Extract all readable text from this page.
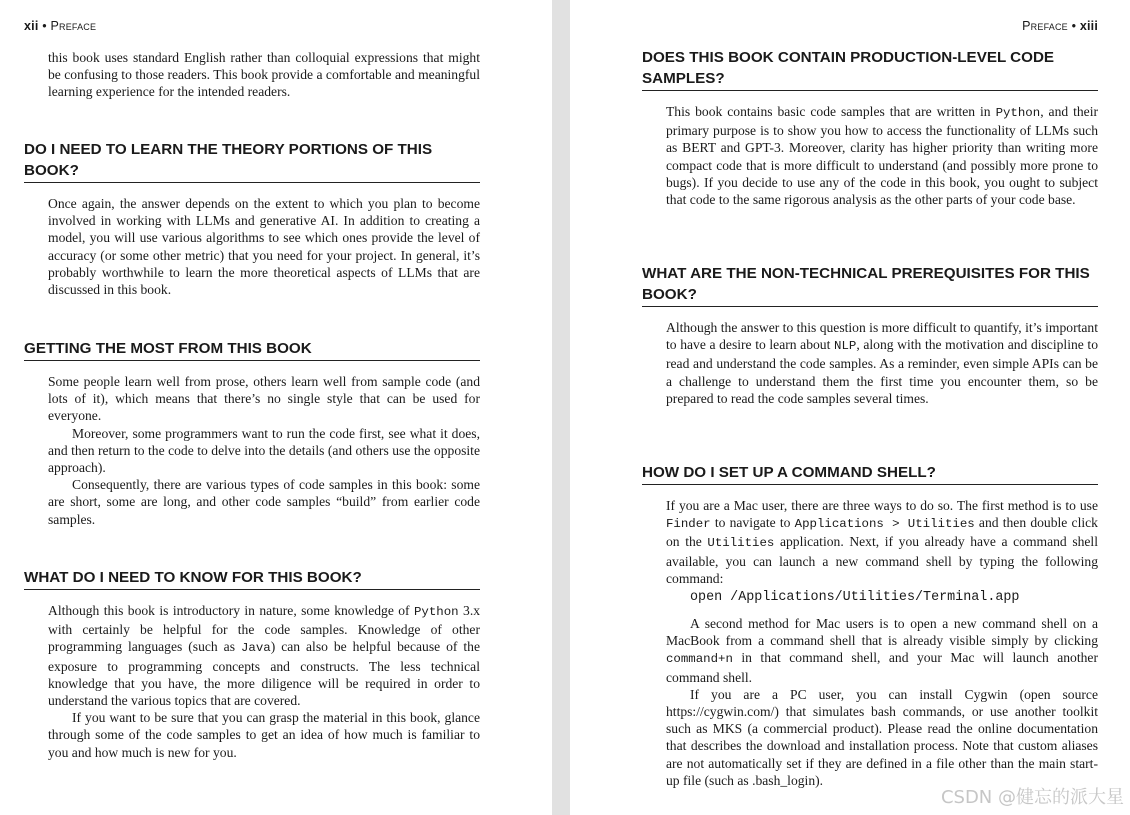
xii • Preface

this book uses standard English rather than colloquial expressions that might be confusing to those readers. This book provide a comfortable and meaningful learning experience for the intended readers.

DO I NEED TO LEARN THE THEORY PORTIONS OF THIS BOOK?

Once again, the answer depends on the extent to which you plan to become involved in working with LLMs and generative AI. In addition to creating a model, you will use various algorithms to see which ones provide the level of accuracy (or some other metric) that you need for your project. In general, it’s probably worthwhile to learn the more theoretical aspects of LLMs that are discussed in this book.

GETTING THE MOST FROM THIS BOOK

Some people learn well from prose, others learn well from sample code (and lots of it), which means that there’s no single style that can be used for everyone.

Moreover, some programmers want to run the code first, see what it does, and then return to the code to delve into the details (and others use the opposite approach).

Consequently, there are various types of code samples in this book: some are short, some are long, and other code samples “build” from earlier code samples.

WHAT DO I NEED TO KNOW FOR THIS BOOK?

Although this book is introductory in nature, some knowledge of Python 3.x with certainly be helpful for the code samples. Knowledge of other programming languages (such as Java) can also be helpful because of the exposure to programming concepts and constructs. The less technical knowledge that you have, the more diligence will be required in order to understand the various topics that are covered.

If you want to be sure that you can grasp the material in this book, glance through some of the code samples to get an idea of how much is familiar to you and how much is new for you.

Preface • xiii
DOES THIS BOOK CONTAIN PRODUCTION-LEVEL CODE SAMPLES?

This book contains basic code samples that are written in Python, and their primary purpose is to show you how to access the functionality of LLMs such as BERT and GPT-3. Moreover, clarity has higher priority than writing more compact code that is more difficult to understand (and possibly more prone to bugs). If you decide to use any of the code in this book, you ought to subject that code to the same rigorous analysis as the other parts of your code base.

WHAT ARE THE NON-TECHNICAL PREREQUISITES FOR THIS BOOK?

Although the answer to this question is more difficult to quantify, it’s important to have a desire to learn about NLP, along with the motivation and discipline to read and understand the code samples. As a reminder, even simple APIs can be a challenge to understand them the first time you encounter them, so be prepared to read the code samples several times.

HOW DO I SET UP A COMMAND SHELL?

If you are a Mac user, there are three ways to do so. The first method is to use Finder to navigate to Applications > Utilities and then double click on the Utilities application. Next, if you already have a command shell available, you can launch a new command shell by typing the following command:

open /Applications/Utilities/Terminal.app

A second method for Mac users is to open a new command shell on a MacBook from a command shell that is already visible simply by clicking command+n in that command shell, and your Mac will launch another command shell.

If you are a PC user, you can install Cygwin (open source https://cygwin.com/) that simulates bash commands, or use another toolkit such as MKS (a commercial product). Please read the online documentation that describes the download and installation process. Note that custom aliases are not automatically set if they are defined in a file other than the main start-up file (such as .bash_login).

CSDN @健忘的派大星
